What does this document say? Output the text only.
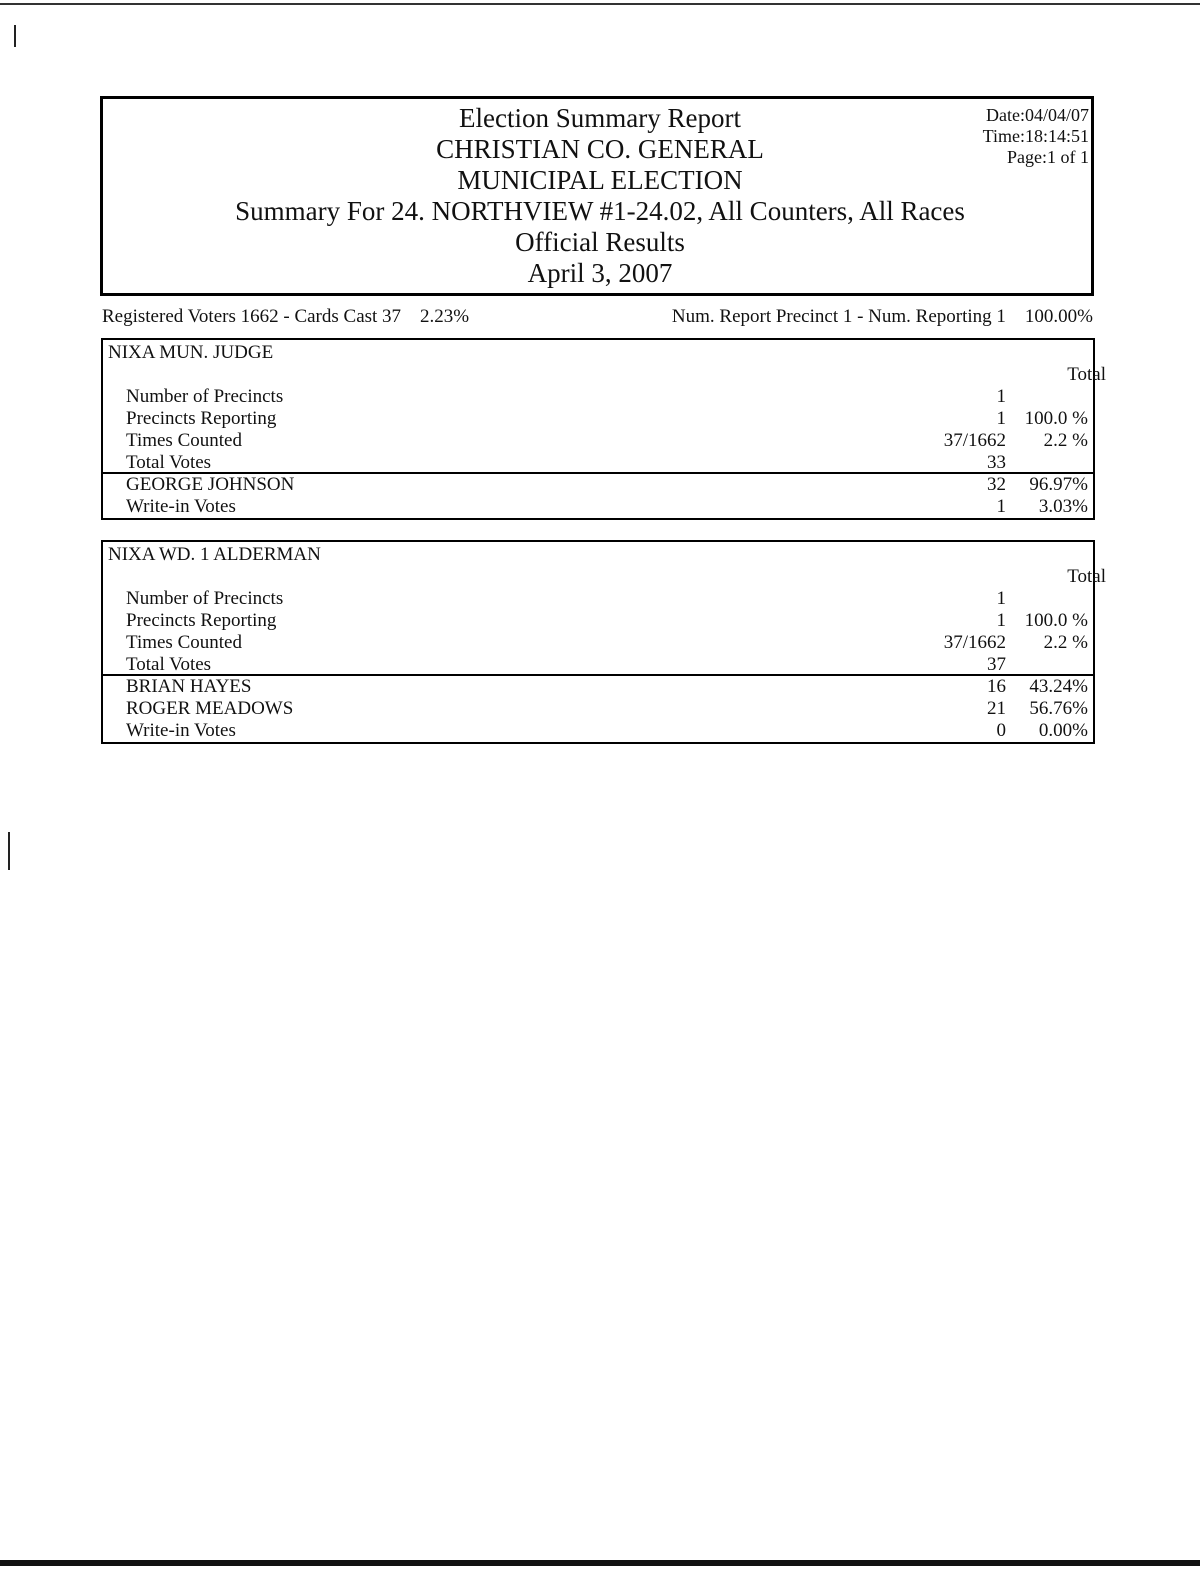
Election Summary Report
CHRISTIAN CO. GENERAL
MUNICIPAL ELECTION
Summary For 24. NORTHVIEW #1-24.02, All Counters, All Races
Official Results
April 3, 2007
Date:04/04/07
Time:18:14:51
Page:1 of 1
Registered Voters 1662 - Cards Cast 37    2.23%	Num. Report Precinct 1 - Num. Reporting 1    100.00%
NIXA MUN. JUDGE
Total
Number of Precincts	1
Precincts Reporting	1 100.0 %
Times Counted	37/1662	2.2 %
Total Votes	33
GEORGE JOHNSON	32	96.97%
Write-in Votes	1	3.03%
NIXA WD. 1 ALDERMAN
Total
Number of Precincts	1
Precincts Reporting	1 100.0 %
Times Counted	37/1662	2.2 %
Total Votes	37
BRIAN HAYES	16	43.24%
ROGER MEADOWS	21	56.76%
Write-in Votes	0	0.00%
